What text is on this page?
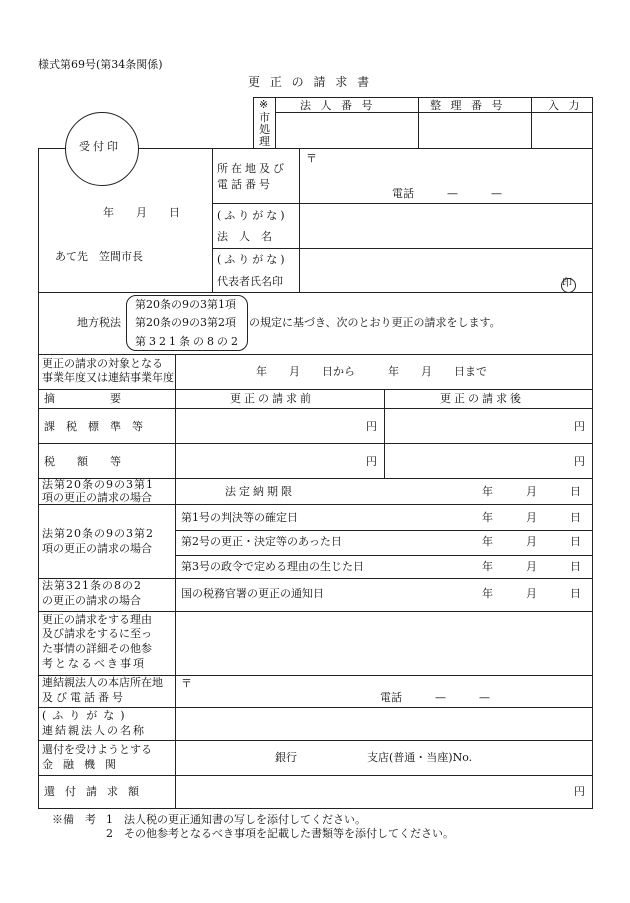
様式第69号(第34条関係)
更 正 の 請 求 書
※
市処理
法 人 番 号	整 理 番 号	入 力
受付印
年　　月　　日
あて先　笠間市長
所在地及び
電話番号
〒
電話　　　—　　　—
(ふりがな)
法　人　名
(ふりがな)
代表者氏名印	印
地方税法
第20条の9の3第1項
第20条の9の3第2項
第321条の8の2
の規定に基づき、次のとおり更正の請求をします。
更正の請求の対象となる
事業年度又は連結事業年度	年　　月　　日から　　　年　　月　　日まで
摘　　　　　要	更正の請求前	更正の請求後
課　税　標　準　等	円	円
税　　額　　等	円	円
法第20条の9の3第1
項の更正の請求の場合	法定納期限	年　　　月　　　日
法第20条の9の3第2
項の更正の請求の場合
第1号の判決等の確定日	年　　　月　　　日
第2号の更正・決定等のあった日	年　　　月　　　日
第3号の政令で定める理由の生じた日	年　　　月　　　日
法第321条の8の2
の更正の請求の場合
国の税務官署の更正の通知日	年　　　月　　　日
更正の請求をする理由
及び請求をするに至っ
た事情の詳細その他参
考となるべき事項
連結親法人の本店所在地
及び電話番号
〒
電話　　　—　　　—
(ふりがな)
連結親法人の名称
還付を受けようとする
金融機関
銀行	支店(普通・当座)No.
還付請求額	円
※備　考 1　法人税の更正通知書の写しを添付してください。
2　その他参考となるべき事項を記載した書類等を添付してください。
